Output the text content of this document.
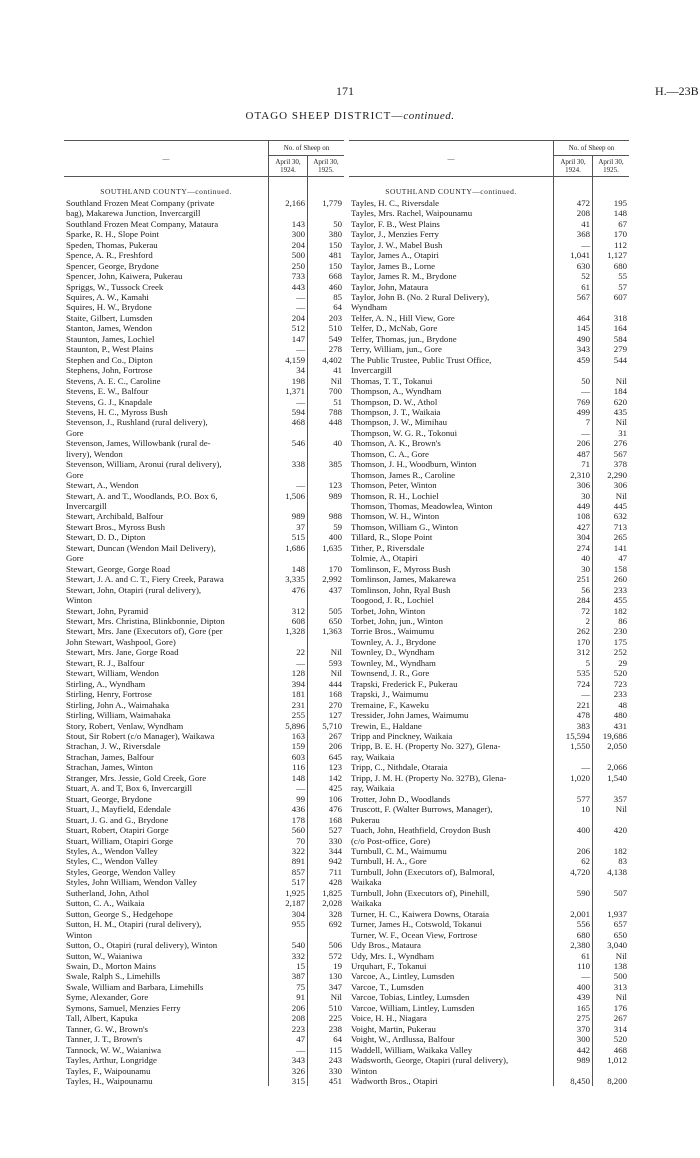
171	H.—23B
OTAGO SHEEP DISTRICT—continued.
—	No. of Sheep on	
	April 30, 1924.	April 30, 1925.

SOUTHLAND COUNTY—continued.		
Southland Frozen Meat Company (private	2,166	1,779
bag), Makarewa Junction, Invercargill		
Southland Frozen Meat Company, Mataura	143	50
Sparke, R. H., Slope Point	300	380
Speden, Thomas, Pukerau	204	150
Spence, A. R., Freshford	500	481
Spencer, George, Brydone	250	150
Spencer, John, Kaiwera, Pukerau	733	668
Spriggs, W., Tussock Creek	443	460
Squires, A. W., Kamahi	—	85
Squires, H. W., Brydone	—	64
Staite, Gilbert, Lumsden	204	203
Stanton, James, Wendon	512	510
Staunton, James, Lochiel	147	549
Staunton, P., West Plains	—	278
Stephen and Co., Dipton	4,159	4,402
Stephens, John, Fortrose	34	41
Stevens, A. E. C., Caroline	198	Nil
Stevens, E. W., Balfour	1,371	700
Stevens, G. J., Knapdale	—	51
Stevens, H. C., Myross Bush	594	788
Stevenson, J., Rushland (rural delivery),	468	448
Gore		
Stevenson, James, Willowbank (rural de-	546	40
livery), Wendon		
Stevenson, William, Aronui (rural delivery),	338	385
Gore		
Stewart, A., Wendon	—	123
Stewart, A. and T., Woodlands, P.O. Box 6,	1,506	989
Invercargill		
Stewart, Archibald, Balfour	989	988
Stewart Bros., Myross Bush	37	59
Stewart, D. D., Dipton	515	400
Stewart, Duncan (Wendon Mail Delivery),	1,686	1,635
Gore		
Stewart, George, Gorge Road	148	170
Stewart, J. A. and C. T., Fiery Creek, Parawa	3,335	2,992
Stewart, John, Otapiri (rural delivery),	476	437
Winton		
Stewart, John, Pyramid	312	505
Stewart, Mrs. Christina, Blinkbonnie, Dipton	608	650
Stewart, Mrs. Jane (Executors of), Gore (per	1,328	1,363
John Stewart, Washpool, Gore)		
Stewart, Mrs. Jane, Gorge Road	22	Nil
Stewart, R. J., Balfour	—	593
Stewart, William, Wendon	128	Nil
Stirling, A., Wyndham	394	444
Stirling, Henry, Fortrose	181	168
Stirling, John A., Waimahaka	231	270
Stirling, William, Waimahaka	255	127
Story, Robert, Venlaw, Wyndham	5,896	5,710
Stout, Sir Robert (c/o Manager), Waikawa	163	267
Strachan, J. W., Riversdale	159	206
Strachan, James, Balfour	603	645
Strachan, James, Winton	116	123
Stranger, Mrs. Jessie, Gold Creek, Gore	148	142
Stuart, A. and T, Box 6, Invercargill	—	425
Stuart, George, Brydone	99	106
Stuart, J., Mayfield, Edendale	436	476
Stuart, J. G. and G., Brydone	178	168
Stuart, Robert, Otapiri Gorge	560	527
Stuart, William, Otapiri Gorge	70	330
Styles, A., Wendon Valley	322	344
Styles, C., Wendon Valley	891	942
Styles, George, Wendon Valley	857	711
Styles, John William, Wendon Valley	517	428
Sutherland, John, Athol	1,925	1,825
Sutton, C. A., Waikaia	2,187	2,028
Sutton, George S., Hedgehope	304	328
Sutton, H. M., Otapiri (rural delivery),	955	692
Winton		
Sutton, O., Otapiri (rural delivery), Winton	540	506
Sutton, W., Waianiwa	332	572
Swain, D., Morton Mains	15	19
Swale, Ralph S., Limehills	387	130
Swale, William and Barbara, Limehills	75	347
Syme, Alexander, Gore	91	Nil
Symons, Samuel, Menzies Ferry	206	510
Tall, Albert, Kapuka	208	225
Tanner, G. W., Brown's	223	238
Tanner, J. T., Brown's	47	64
Tannock, W. W., Waianiwa	—	115
Tayles, Arthur, Longridge	343	243
Tayles, F., Waipounamu	326	330
Tayles, H., Waipounamu	315	451
—	No. of Sheep on	
	April 30, 1924.	April 30, 1925.

SOUTHLAND COUNTY—continued.		
Tayles, H. C., Riversdale	472	195
Tayles, Mrs. Rachel, Waipounamu	208	148
Taylor, F. B., West Plains	41	67
Taylor, J., Menzies Ferry	368	170
Taylor, J. W., Mabel Bush	—	112
Taylor, James A., Otapiri	1,041	1,127
Taylor, James B., Lorne	630	680
Taylor, James R. M., Brydone	52	55
Taylor, John, Mataura	61	57
Taylor, John B. (No. 2 Rural Delivery),	567	607
Wyndham		
Telfer, A. N., Hill View, Gore	464	318
Telfer, D., McNab, Gore	145	164
Telfer, Thomas, jun., Brydone	490	584
Terry, William, jun., Gore	343	279
The Public Trustee, Public Trust Office,	459	544
Invercargill		
Thomas, T. T., Tokanui	50	Nil
Thompson, A., Wyndham	—	184
Thompson, D. W., Athol	769	620
Thompson, J. T., Waikaia	499	435
Thompson, J. W., Mimihau	7	Nil
Thompson, W. G. R., Tokonui	—	31
Thomson, A. K., Brown's	206	276
Thomson, C. A., Gore	487	567
Thomson, J. H., Woodburn, Winton	71	378
Thomson, James R., Caroline	2,310	2,290
Thomson, Peter, Winton	306	306
Thomson, R. H., Lochiel	30	Nil
Thomson, Thomas, Meadowlea, Winton	449	445
Thomson, W. H., Winton	108	632
Thomson, William G., Winton	427	713
Tillard, R., Slope Point	304	265
Tither, P., Riversdale	274	141
Tolmie, A., Otapiri	40	47
Tomlinson, F., Myross Bush	30	158
Tomlinson, James, Makarewa	251	260
Tomlinson, John, Ryal Bush	56	233
Toogood, J. R., Lochiel	284	455
Torbet, John, Winton	72	182
Torbet, John, jun., Winton	2	86
Torrie Bros., Waimumu	262	230
Townley, A. J., Brydone	170	175
Townley, D., Wyndham	312	252
Townley, M., Wyndham	5	29
Townsend, J. R., Gore	535	520
Trapski, Frederick F., Pukerau	724	723
Trapski, J., Waimumu	—	233
Tremaine, F., Kaweku	221	48
Tressider, John James, Waimumu	478	480
Trewin, E., Haldane	383	431
Tripp and Pinckney, Waikaia	15,594	19,686
Tripp, B. E. H. (Property No. 327), Glena-	1,550	2,050
ray, Waikaia		
Tripp, C., Nithdale, Otaraia	—	2,066
Tripp, J. M. H. (Property No. 327B), Glena-	1,020	1,540
ray, Waikaia		
Trotter, John D., Woodlands	577	357
Truscott, F. (Walter Burrows, Manager),	10	Nil
Pukerau		
Tuach, John, Heathfield, Croydon Bush	400	420
(c/o Post-office, Gore)		
Turnbull, C. M., Waimumu	206	182
Turnbull, H. A., Gore	62	83
Turnbull, John (Executors of), Balmoral,	4,720	4,138
Waikaka		
Turnbull, John (Executors of), Pinehill,	590	507
Waikaka		
Turner, H. C., Kaiwera Downs, Otaraia	2,001	1,937
Turner, James H., Cotswold, Tokanui	556	657
Turner, W. F., Ocean View, Fortrose	680	650
Udy Bros., Mataura	2,380	3,040
Udy, Mrs. I., Wyndham	61	Nil
Urquhart, F., Tokanui	110	138
Varcoe, A., Lintley, Lumsden	—	500
Varcoe, T., Lumsden	400	313
Varcoe, Tobias, Lintley, Lumsden	439	Nil
Varcoe, William, Lintley, Lumsden	165	176
Voice, H. H., Niagara	275	267
Voight, Martin, Pukerau	370	314
Voight, W., Ardlussa, Balfour	300	520
Waddell, William, Waikaka Valley	442	468
Wadsworth, George, Otapiri (rural delivery),	989	1,012
Winton		
Wadworth Bros., Otapiri	8,450	8,200
